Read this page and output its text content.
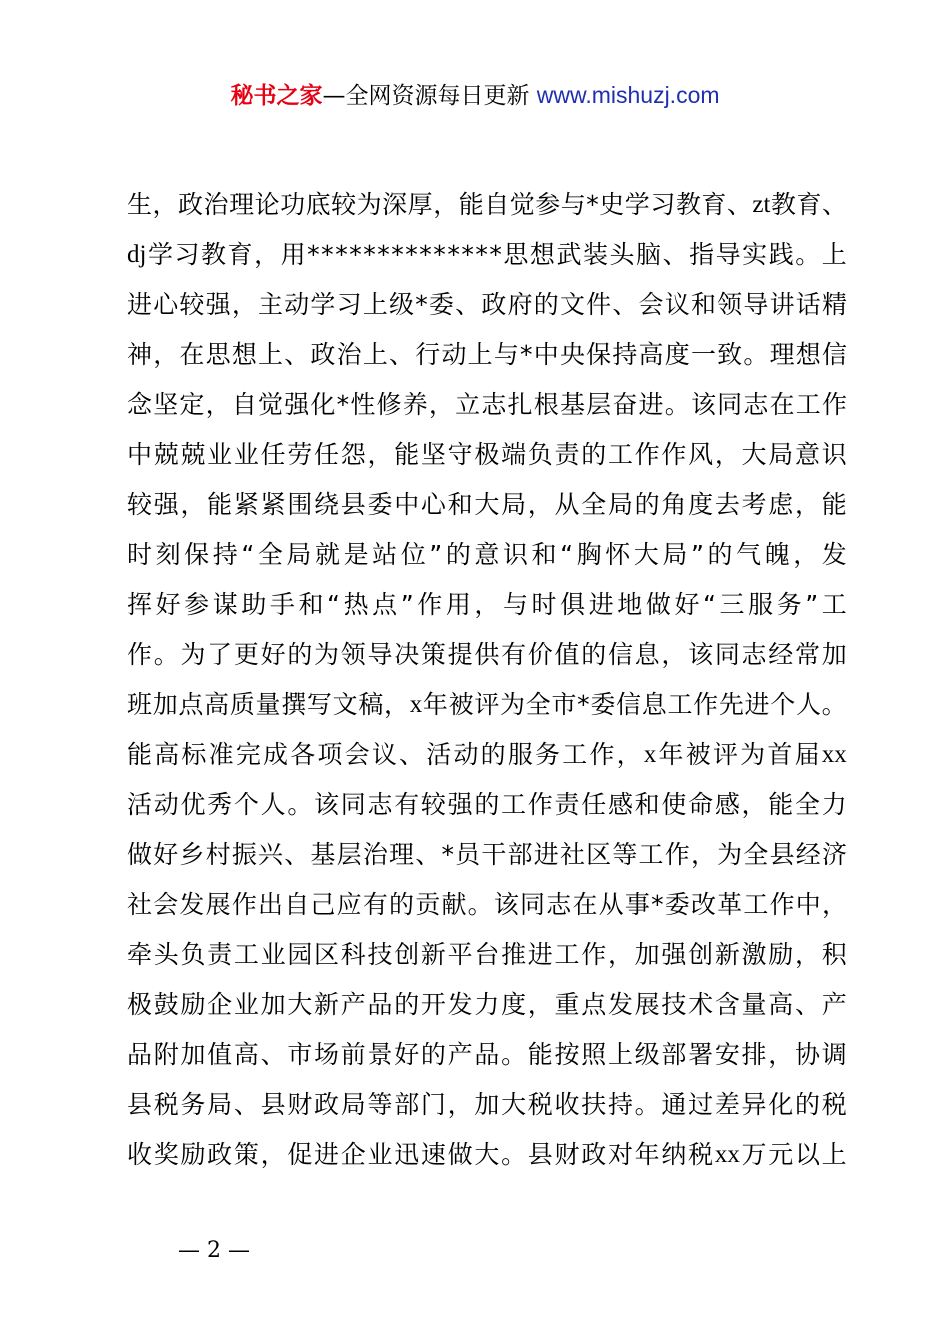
秘书之家—全网资源每日更新 www.mishuzj.com
生 ， 政 治 理 论 功 底 较 为 深 厚 ， 能 自 觉 参 与 * 史 学 习 教 育 、 zt 教 育 、
dj 学 习 教 育 ， 用 * * * * * * * * * * * * * * 思 想 武 装 头 脑 、 指 导 实 践 。 上
进 心 较 强 ， 主 动 学 习 上 级 * 委 、 政 府 的 文 件 、 会 议 和 领 导 讲 话 精
神 ， 在 思 想 上 、 政 治 上 、 行 动 上 与 * 中 央 保 持 高 度 一 致 。 理 想 信
念 坚 定 ， 自 觉 强 化 * 性 修 养 ， 立 志 扎 根 基 层 奋 进 。 该 同 志 在 工 作
中 兢 兢 业 业 任 劳 任 怨 ， 能 坚 守 极 端 负 责 的 工 作 作 风 ， 大 局 意 识
较 强 ， 能 紧 紧 围 绕 县 委 中 心 和 大 局 ， 从 全 局 的 角 度 去 考 虑 ， 能
时 刻 保 持 “ 全 局 就 是 站 位 ” 的 意 识 和 “ 胸 怀 大 局 ” 的 气 魄 ， 发
挥 好 参 谋 助 手 和 “ 热 点 ” 作 用 ， 与 时 俱 进 地 做 好 “ 三 服 务 ” 工
作 。 为 了 更 好 的 为 领 导 决 策 提 供 有 价 值 的 信 息 ， 该 同 志 经 常 加
班 加 点 高 质 量 撰 写 文 稿 ， x 年 被 评 为 全 市 * 委 信 息 工 作 先 进 个 人 。
能 高 标 准 完 成 各 项 会 议 、 活 动 的 服 务 工 作 ， x 年 被 评 为 首 届 xx
活 动 优 秀 个 人 。 该 同 志 有 较 强 的 工 作 责 任 感 和 使 命 感 ， 能 全 力
做 好 乡 村 振 兴 、 基 层 治 理 、 * 员 干 部 进 社 区 等 工 作 ， 为 全 县 经 济
社 会 发 展 作 出 自 己 应 有 的 贡 献 。 该 同 志 在 从 事 * 委 改 革 工 作 中 ，
牵 头 负 责 工 业 园 区 科 技 创 新 平 台 推 进 工 作 ， 加 强 创 新 激 励 ， 积
极 鼓 励 企 业 加 大 新 产 品 的 开 发 力 度 ， 重 点 发 展 技 术 含 量 高 、 产
品 附 加 值 高 、 市 场 前 景 好 的 产 品 。 能 按 照 上 级 部 署 安 排 ， 协 调
县 税 务 局 、 县 财 政 局 等 部 门 ， 加 大 税 收 扶 持 。 通 过 差 异 化 的 税
收 奖 励 政 策 ， 促 进 企 业 迅 速 做 大 。 县 财 政 对 年 纳 税 xx 万 元 以 上
— 2 —
